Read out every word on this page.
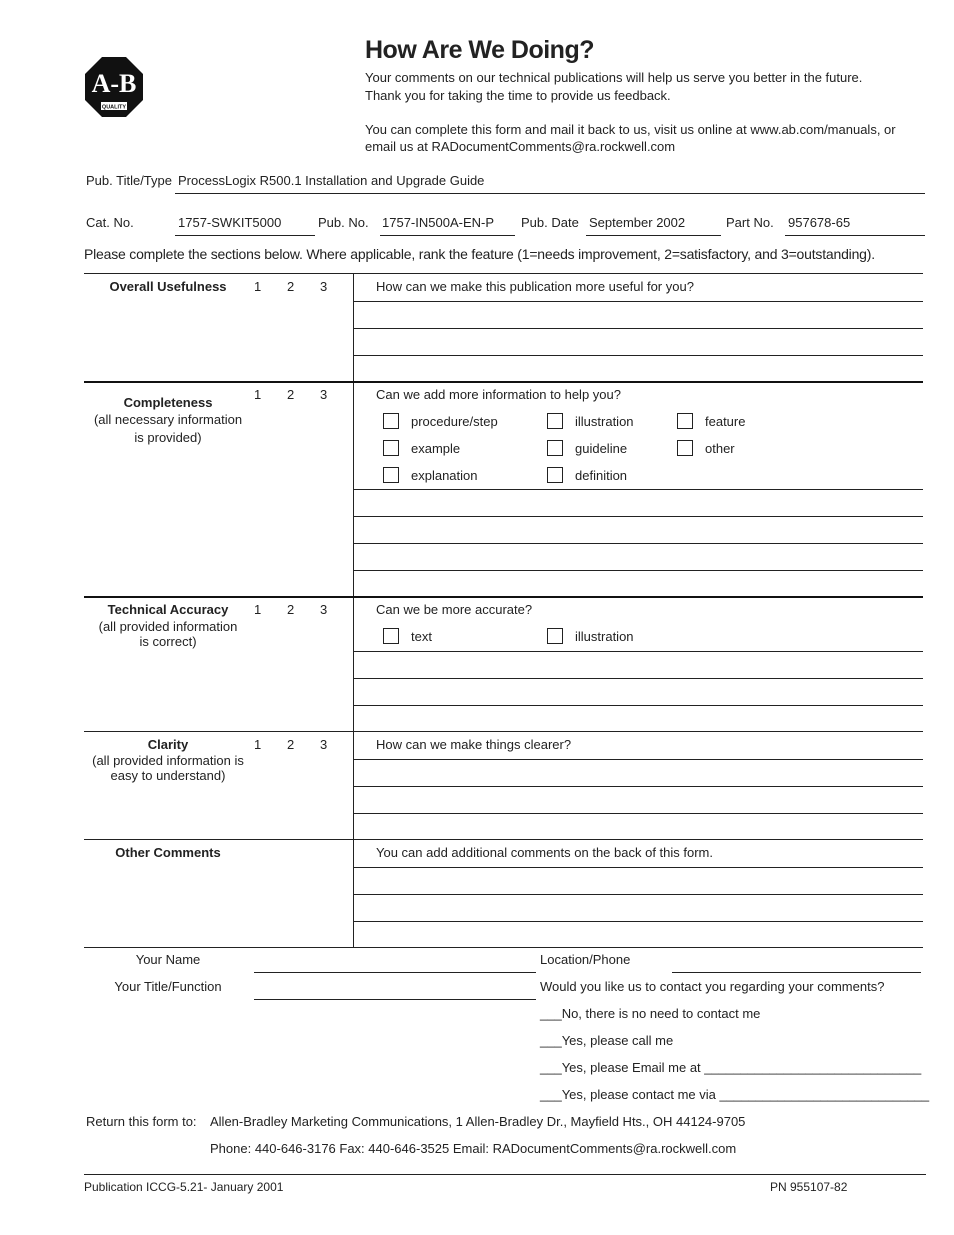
A-B
QUALITY
How Are We Doing?
Your comments on our technical publications will help us serve you better in the future.
Thank you for taking the time to provide us feedback.
You can complete this form and mail it back to us, visit us online at www.ab.com/manuals, or
email us at RADocumentComments@ra.rockwell.com
Pub. Title/Type ProcessLogix R500.1 Installation and Upgrade Guide
Cat. No.	1757-SWKIT5000	Pub. No. 1757-IN500A-EN-P Pub. Date September 2002	Part No. 957678-65
Please complete the sections below. Where applicable, rank the feature (1=needs improvement, 2=satisfactory, and 3=outstanding).
Overall Usefulness	1 2 3	How can we make this publication more useful for you?
Completeness
(all necessary information
is provided)
1 2 3	Can we add more information to help you?
procedure/step	illustration	feature
example	guideline	other
explanation	definition
Technical Accuracy
(all provided information
is correct)
1 2 3	Can we be more accurate?
text	illustration
Clarity
(all provided information is
easy to understand)
1 2 3	How can we make things clearer?
Other Comments	You can add additional comments on the back of this form.
Your Name
Your Title/Function
Location/Phone
Would you like us to contact you regarding your comments?
___No, there is no need to contact me
___Yes, please call me
___Yes, please Email me at ______________________________
___Yes, please contact me via _____________________________
Return this form to: Allen-Bradley Marketing Communications, 1 Allen-Bradley Dr., Mayfield Hts., OH 44124-9705
Phone: 440-646-3176 Fax: 440-646-3525 Email: RADocumentComments@ra.rockwell.com
Publication ICCG-5.21- January 2001	PN 955107-82
